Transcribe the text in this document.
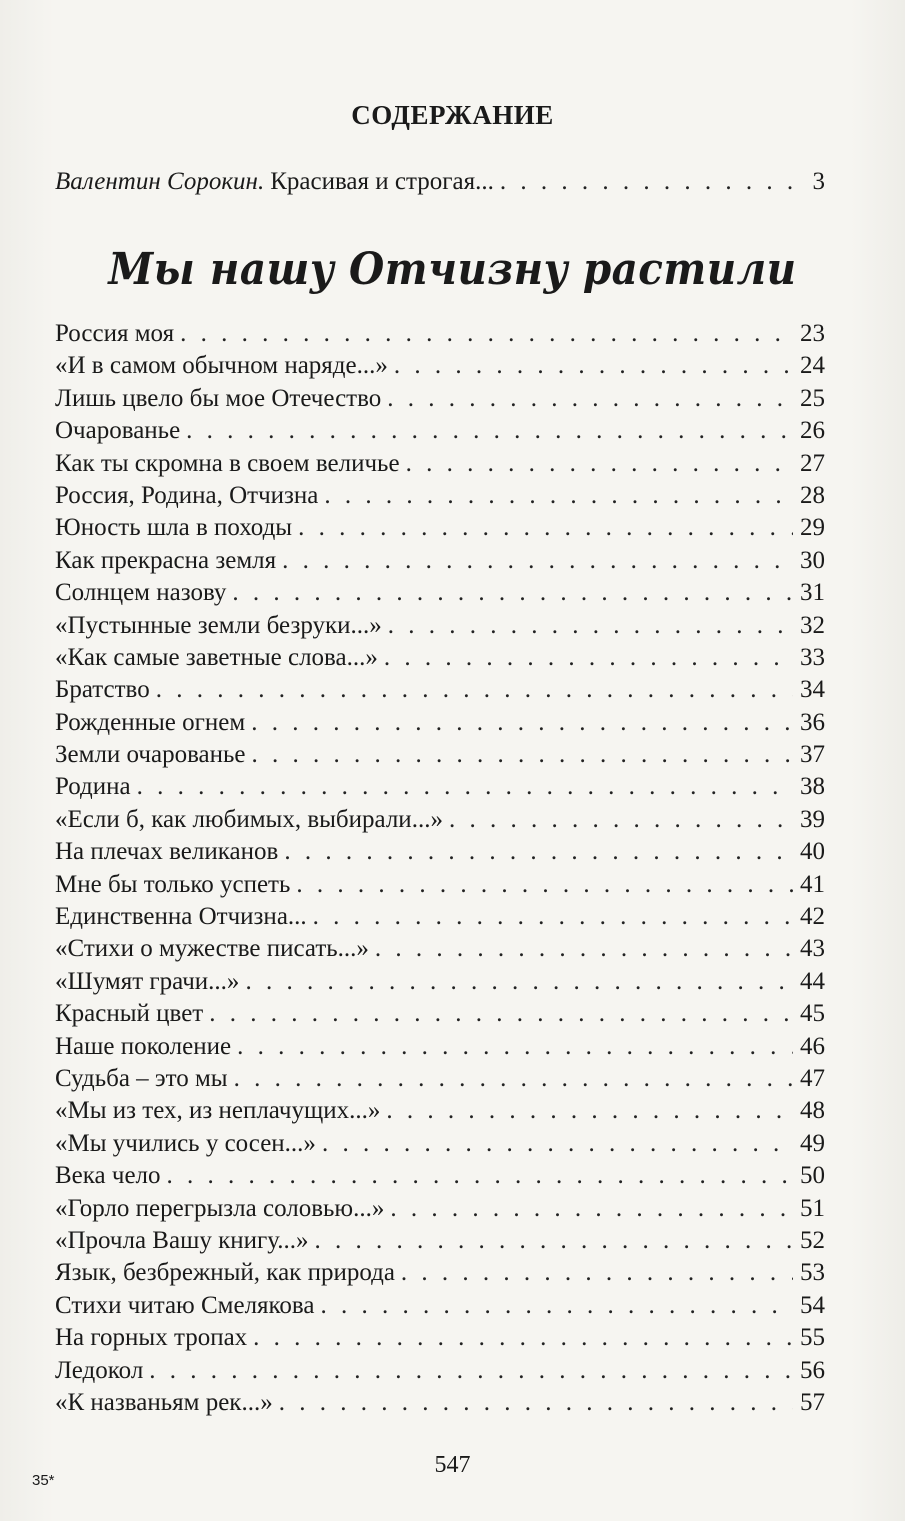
СОДЕРЖАНИЕ
Валентин Сорокин. Красивая и строгая... . . .	3
Мы нашу Отчизну растили
Россия моя . . .	23
«И в самом обычном наряде...» . . .	24
Лишь цвело бы мое Отечество . . .	25
Очарованье . . .	26
Как ты скромна в своем величье . . .	27
Россия, Родина, Отчизна . . .	28
Юность шла в походы . . .	29
Как прекрасна земля . . .	30
Солнцем назову . . .	31
«Пустынные земли безруки...» . . .	32
«Как самые заветные слова...» . . .	33
Братство . . .	34
Рожденные огнем . . .	36
Земли очарованье . . .	37
Родина . . .	38
«Если б, как любимых, выбирали...» . . .	39
На плечах великанов . . .	40
Мне бы только успеть . . .	41
Единственна Отчизна... . . .	42
«Стихи о мужестве писать...» . . .	43
«Шумят грачи...» . . .	44
Красный цвет . . .	45
Наше поколение . . .	46
Судьба – это мы . . .	47
«Мы из тех, из неплачущих...» . . .	48
«Мы учились у сосен...» . . .	49
Века чело . . .	50
«Горло перегрызла соловью...» . . .	51
«Прочла Вашу книгу...» . . .	52
Язык, безбрежный, как природа . . .	53
Стихи читаю Смелякова . . .	54
На горных тропах . . .	55
Ледокол . . .	56
«К названьям рек...» . . .	57
547
35*
